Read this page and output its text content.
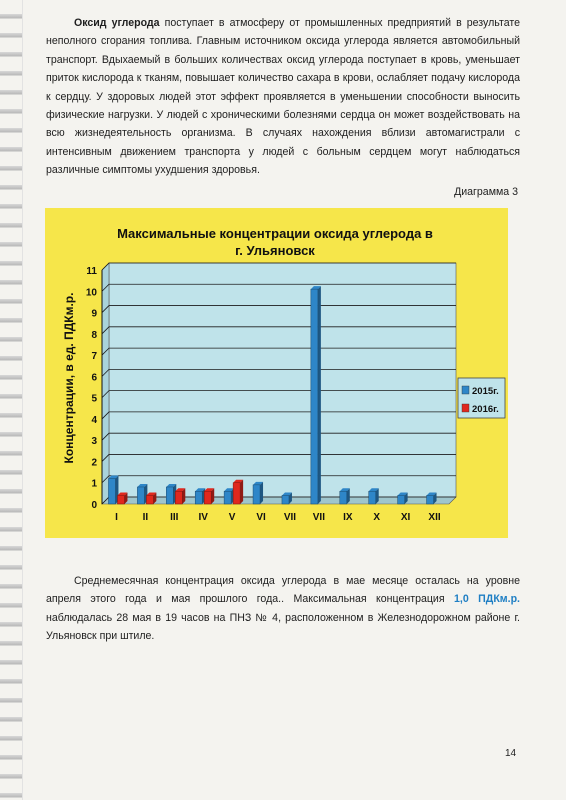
Оксид углерода поступает в атмосферу от промышленных предприятий в результате неполного сгорания топлива. Главным источником оксида углерода является автомобильный транспорт. Вдыхаемый в больших количествах оксид углерода поступает в кровь, уменьшает приток кислорода к тканям, повышает количество сахара в крови, ослабляет подачу кислорода к сердцу. У здоровых людей этот эффект проявляется в уменьшении способности выносить физические нагрузки. У людей с хроническими болезнями сердца он может воздействовать на всю жизнедеятельность организма. В случаях нахождения вблизи автомагистрали с интенсивным движением транспорта у людей с больным сердцем могут наблюдаться различные симптомы ухудшения здоровья.

Диаграмма 3
Максимальные концентрации оксида углерода в
г. Ульяновск
Концентрации, в ед. ПДКм.р.
0
1
2
3
4
5
6
7
8
9
10
11
I II III IV V VI VII VII IX X XI XII
2015г.
2016г.

Среднемесячная концентрация оксида углерода в мае месяце осталась на уровне апреля этого года и мая прошлого года.. Максимальная концентрация 1,0 ПДКм.р. наблюдалась 28 мая в 19 часов на ПНЗ № 4, расположенном в Железнодорожном районе г. Ульяновск при штиле.

14
